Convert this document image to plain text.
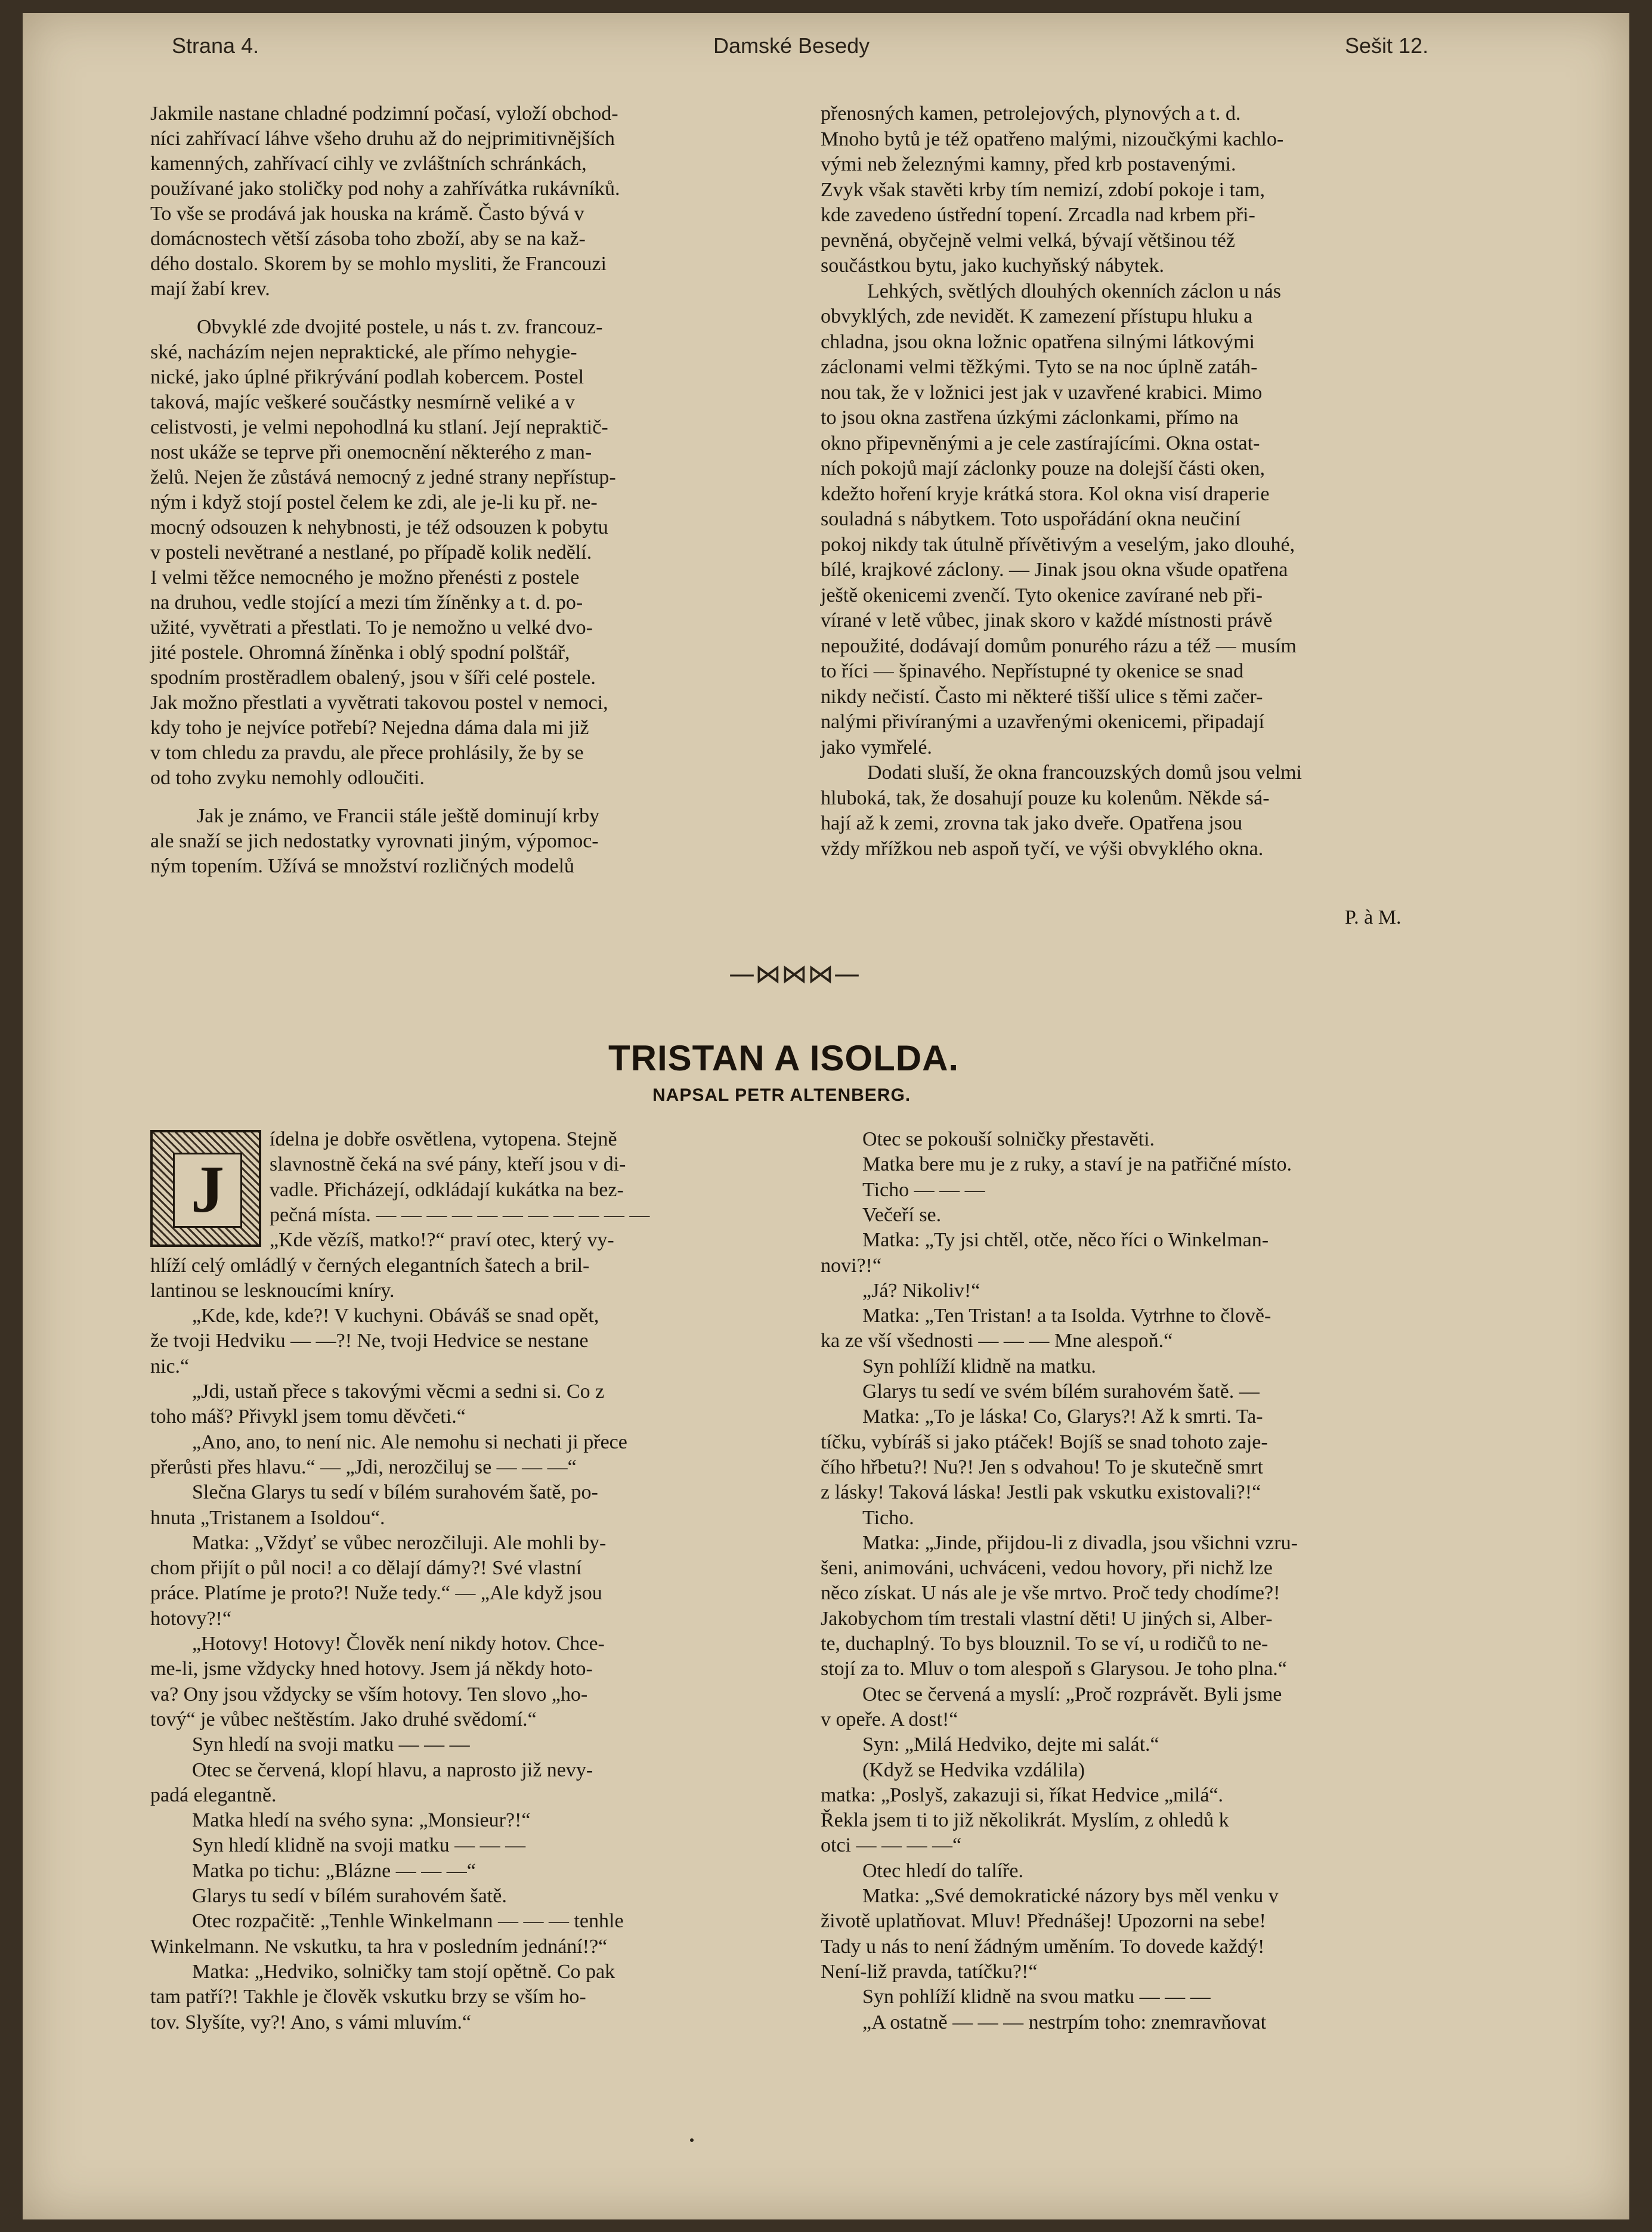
Strana 4.	Damské Besedy	Sešit 12.

Jakmile nastane chladné podzimní počasí, vyloží obchod-

níci zahřívací láhve všeho druhu až do nejprimitivnějších

kamenných, zahřívací cihly ve zvláštních schránkách,

používané jako stoličky pod nohy a zahřívátka rukávníků.

To vše se prodává jak houska na krámě. Často bývá v

domácnostech větší zásoba toho zboží, aby se na kaž-

dého dostalo. Skorem by se mohlo mysliti, že Francouzi

mají žabí krev.

Obvyklé zde dvojité postele, u nás t. zv. francouz-

ské, nacházím nejen nepraktické, ale přímo nehygie-

nické, jako úplné přikrývání podlah kobercem. Postel

taková, majíc veškeré součástky nesmírně veliké a v

celistvosti, je velmi nepohodlná ku stlaní. Její nepraktič-

nost ukáže se teprve při onemocnění některého z man-

želů. Nejen že zůstává nemocný z jedné strany nepřístup-

ným i když stojí postel čelem ke zdi, ale je-li ku př. ne-

mocný odsouzen k nehybnosti, je též odsouzen k pobytu

v posteli nevětrané a nestlané, po případě kolik nedělí.

I velmi těžce nemocného je možno přenésti z postele

na druhou, vedle stojící a mezi tím žíněnky a t. d. po-

užité, vyvětrati a přestlati. To je nemožno u velké dvo-

jité postele. Ohromná žíněnka i oblý spodní polštář,

spodním prostěradlem obalený, jsou v šíři celé postele.

Jak možno přestlati a vyvětrati takovou postel v nemoci,

kdy toho je nejvíce potřebí? Nejedna dáma dala mi již

v tom chledu za pravdu, ale přece prohlásily, že by se

od toho zvyku nemohly odloučiti.

Jak je známo, ve Francii stále ještě dominují krby

ale snaží se jich nedostatky vyrovnati jiným, výpomoc-

ným topením. Užívá se množství rozličných modelů

přenosných kamen, petrolejových, plynových a t. d.

Mnoho bytů je též opatřeno malými, nizoučkými kachlo-

vými neb železnými kamny, před krb postavenými.

Zvyk však stavěti krby tím nemizí, zdobí pokoje i tam,

kde zavedeno ústřední topení. Zrcadla nad krbem při-

pevněná, obyčejně velmi velká, bývají většinou též

součástkou bytu, jako kuchyňský nábytek.

Lehkých, světlých dlouhých okenních záclon u nás

obvyklých, zde nevidět. K zamezení přístupu hluku a

chladna, jsou okna ložnic opatřena silnými látkovými

záclonami velmi těžkými. Tyto se na noc úplně zatáh-

nou tak, že v ložnici jest jak v uzavřené krabici. Mimo

to jsou okna zastřena úzkými záclonkami, přímo na

okno připevněnými a je cele zastírajícími. Okna ostat-

ních pokojů mají záclonky pouze na dolejší části oken,

kdežto hoření kryje krátká stora. Kol okna visí draperie

souladná s nábytkem. Toto uspořádání okna neučiní

pokoj nikdy tak útulně přívětivým a veselým, jako dlouhé,

bílé, krajkové záclony. — Jinak jsou okna všude opatřena

ještě okenicemi zvenčí. Tyto okenice zavírané neb při-

vírané v letě vůbec, jinak skoro v každé místnosti právě

nepoužité, dodávají domům ponurého rázu a též — musím

to říci — špinavého. Nepřístupné ty okenice se snad

nikdy nečistí. Často mi některé tišší ulice s těmi začer-

nalými přivíranými a uzavřenými okenicemi, připadají

jako vymřelé.

Dodati sluší, že okna francouzských domů jsou velmi

hluboká, tak, že dosahují pouze ku kolenům. Někde sá-

hají až k zemi, zrovna tak jako dveře. Opatřena jsou

vždy mřížkou neb aspoň tyčí, ve výši obvyklého okna.

P. à M.
—⋈⋈⋈—
TRISTAN A ISOLDA.
NAPSAL PETR ALTENBERG.
J

ídelna je dobře osvětlena, vytopena. Stejně

slavnostně čeká na své pány, kteří jsou v di-

vadle. Přicházejí, odkládají kukátka na bez-

pečná místa. — — — — — — — — — — —

„Kde vězíš, matko!?“ praví otec, který vy-

hlíží celý omládlý v černých elegantních šatech a bril-

lantinou se lesknoucími kníry.

„Kde, kde, kde?! V kuchyni. Obáváš se snad opět,

že tvoji Hedviku — —?! Ne, tvoji Hedvice se nestane

nic.“

„Jdi, ustaň přece s takovými věcmi a sedni si. Co z

toho máš? Přivykl jsem tomu děvčeti.“

„Ano, ano, to není nic. Ale nemohu si nechati ji přece

přerůsti přes hlavu.“ — „Jdi, nerozčiluj se — — —“

Slečna Glarys tu sedí v bílém surahovém šatě, po-

hnuta „Tristanem a Isoldou“.

Matka: „Vždyť se vůbec nerozčiluji. Ale mohli by-

chom přijít o půl noci! a co dělají dámy?! Své vlastní

práce. Platíme je proto?! Nuže tedy.“ — „Ale když jsou

hotovy?!“

„Hotovy! Hotovy! Člověk není nikdy hotov. Chce-

me-li, jsme vždycky hned hotovy. Jsem já někdy hoto-

va? Ony jsou vždycky se vším hotovy. Ten slovo „ho-

tový“ je vůbec neštěstím. Jako druhé svědomí.“

Syn hledí na svoji matku — — —

Otec se červená, klopí hlavu, a naprosto již nevy-

padá elegantně.

Matka hledí na svého syna: „Monsieur?!“

Syn hledí klidně na svoji matku — — —

Matka po tichu: „Blázne — — —“

Glarys tu sedí v bílém surahovém šatě.

Otec rozpačitě: „Tenhle Winkelmann — — — tenhle

Winkelmann. Ne vskutku, ta hra v posledním jednání!?“

Matka: „Hedviko, solničky tam stojí opětně. Co pak

tam patří?! Takhle je člověk vskutku brzy se vším ho-

tov. Slyšíte, vy?! Ano, s vámi mluvím.“

Otec se pokouší solničky přestavěti.

Matka bere mu je z ruky, a staví je na patřičné místo.

Ticho — — —

Večeří se.

Matka: „Ty jsi chtěl, otče, něco říci o Winkelman-

novi?!“

„Já? Nikoliv!“

Matka: „Ten Tristan! a ta Isolda. Vytrhne to člově-

ka ze vší všednosti — — — Mne alespoň.“

Syn pohlíží klidně na matku.

Glarys tu sedí ve svém bílém surahovém šatě. —

Matka: „To je láska! Co, Glarys?! Až k smrti. Ta-

tíčku, vybíráš si jako ptáček! Bojíš se snad tohoto zaje-

čího hřbetu?! Nu?! Jen s odvahou! To je skutečně smrt

z lásky! Taková láska! Jestli pak vskutku existovali?!“

Ticho.

Matka: „Jinde, přijdou-li z divadla, jsou všichni vzru-

šeni, animováni, uchváceni, vedou hovory, při nichž lze

něco získat. U nás ale je vše mrtvo. Proč tedy chodíme?!

Jakobychom tím trestali vlastní děti! U jiných si, Alber-

te, duchaplný. To bys blouznil. To se ví, u rodičů to ne-

stojí za to. Mluv o tom alespoň s Glarysou. Je toho plna.“

Otec se červená a myslí: „Proč rozprávět. Byli jsme

v opeře. A dost!“

Syn: „Milá Hedviko, dejte mi salát.“

(Když se Hedvika vzdálila)

matka: „Poslyš, zakazuji si, říkat Hedvice „milá“.

Řekla jsem ti to již několikrát. Myslím, z ohledů k

otci — — — —“

Otec hledí do talíře.

Matka: „Své demokratické názory bys měl venku v

životě uplatňovat. Mluv! Přednášej! Upozorni na sebe!

Tady u nás to není žádným uměním. To dovede každý!

Není-liž pravda, tatíčku?!“

Syn pohlíží klidně na svou matku — — —

„A ostatně — — — nestrpím toho: znemravňovat
